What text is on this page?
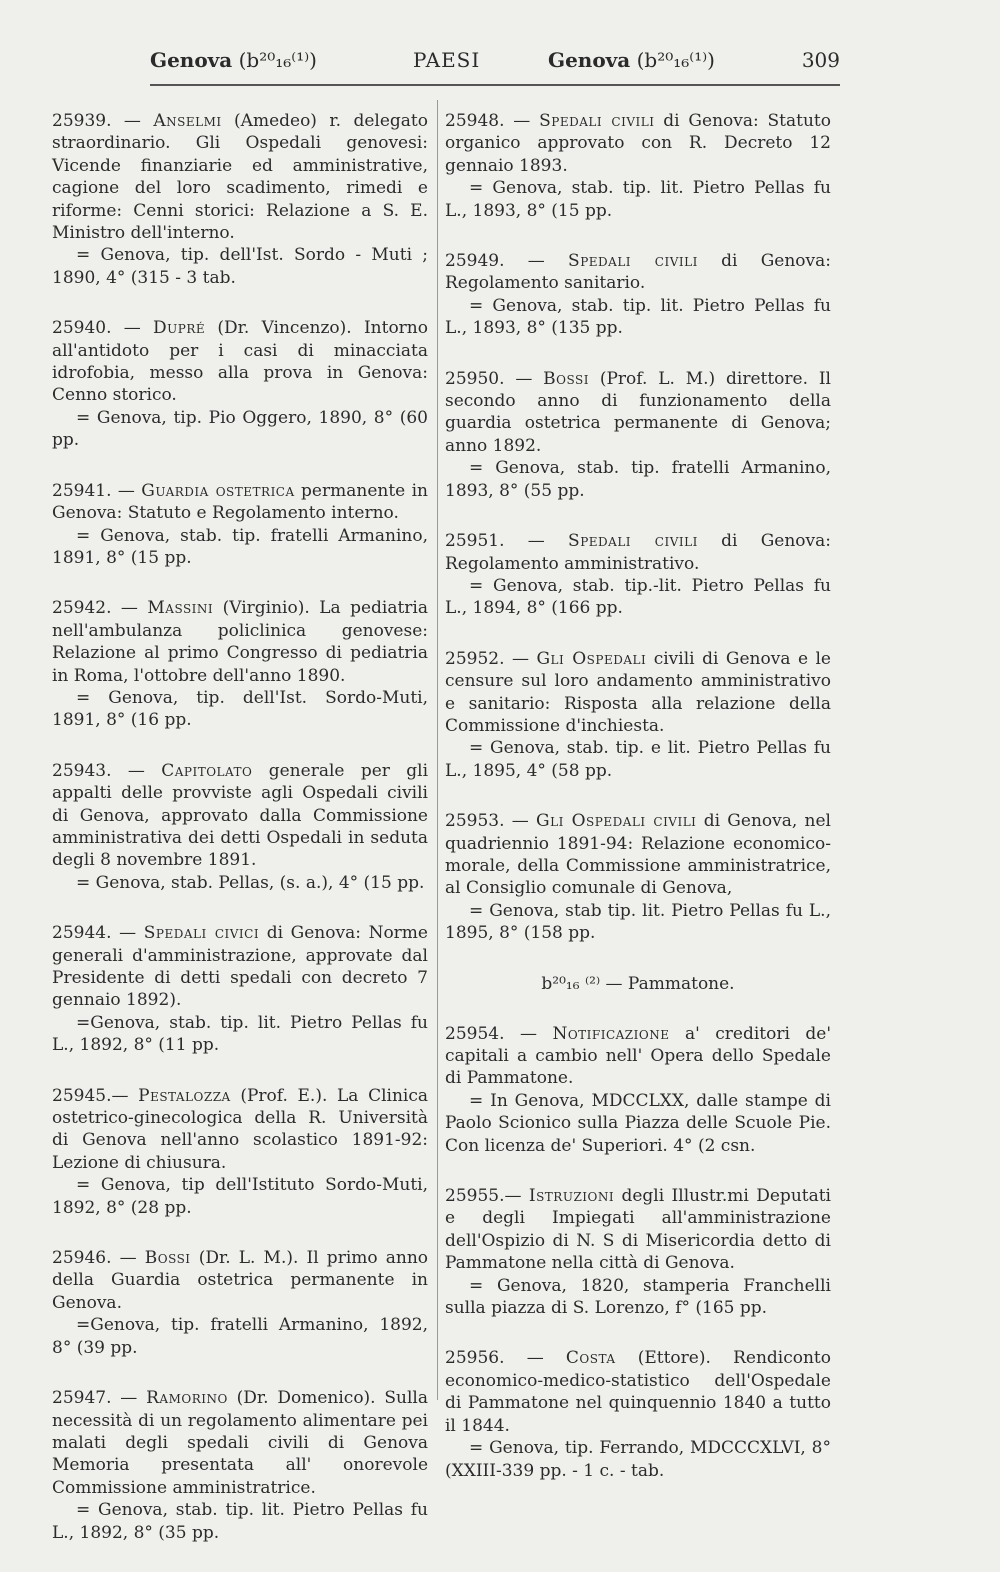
Genova (b²⁰₁₆⁽¹⁾)	PAESI	Genova (b²⁰₁₆⁽¹⁾)	309
25939. — Anselmi (Amedeo) r. delegato straordinario. Gli Ospedali genovesi: Vicende finanziarie ed amministrative, cagione del loro scadimento, rimedi e riforme: Cenni storici: Relazione a S. E. Ministro dell'interno.
= Genova, tip. dell'Ist. Sordo - Muti ; 1890, 4° (315 - 3 tab.
25940. — Dupré (Dr. Vincenzo). Intorno all'antidoto per i casi di minacciata idrofobia, messo alla prova in Genova: Cenno storico.
= Genova, tip. Pio Oggero, 1890, 8° (60 pp.
25941. — Guardia ostetrica permanente in Genova: Statuto e Regolamento interno.
= Genova, stab. tip. fratelli Armanino, 1891, 8° (15 pp.
25942. — Massini (Virginio). La pediatria nell'ambulanza policlinica genovese: Relazione al primo Congresso di pediatria in Roma, l'ottobre dell'anno 1890.
= Genova, tip. dell'Ist. Sordo-Muti, 1891, 8° (16 pp.
25943. — Capitolato generale per gli appalti delle provviste agli Ospedali civili di Genova, approvato dalla Commissione amministrativa dei detti Ospedali in seduta degli 8 novembre 1891.
= Genova, stab. Pellas, (s. a.), 4° (15 pp.
25944. — Spedali civici di Genova: Norme generali d'amministrazione, approvate dal Presidente di detti spedali con decreto 7 gennaio 1892).
=Genova, stab. tip. lit. Pietro Pellas fu L., 1892, 8° (11 pp.
25945.— Pestalozza (Prof. E.). La Clinica ostetrico-ginecologica della R. Università di Genova nell'anno scolastico 1891-92: Lezione di chiusura.
= Genova, tip dell'Istituto Sordo-Muti, 1892, 8° (28 pp.
25946. — Bossi (Dr. L. M.). Il primo anno della Guardia ostetrica permanente in Genova.
=Genova, tip. fratelli Armanino, 1892, 8° (39 pp.
25947. — Ramorino (Dr. Domenico). Sulla necessità di un regolamento alimentare pei malati degli spedali civili di Genova Memoria presentata all' onorevole Commissione amministratrice.
= Genova, stab. tip. lit. Pietro Pellas fu L., 1892, 8° (35 pp.
25948. — Spedali civili di Genova: Statuto organico approvato con R. Decreto 12 gennaio 1893.
= Genova, stab. tip. lit. Pietro Pellas fu L., 1893, 8° (15 pp.
25949. — Spedali civili di Genova: Regolamento sanitario.
= Genova, stab. tip. lit. Pietro Pellas fu L., 1893, 8° (135 pp.
25950. — Bossi (Prof. L. M.) direttore. Il secondo anno di funzionamento della guardia ostetrica permanente di Genova; anno 1892.
= Genova, stab. tip. fratelli Armanino, 1893, 8° (55 pp.
25951. — Spedali civili di Genova: Regolamento amministrativo.
= Genova, stab. tip.-lit. Pietro Pellas fu L., 1894, 8° (166 pp.
25952. — Gli Ospedali civili di Genova e le censure sul loro andamento amministrativo e sanitario: Risposta alla relazione della Commissione d'inchiesta.
= Genova, stab. tip. e lit. Pietro Pellas fu L., 1895, 4° (58 pp.
25953. — Gli Ospedali civili di Genova, nel quadriennio 1891-94: Relazione economico-morale, della Commissione amministratrice, al Consiglio comunale di Genova,
= Genova, stab tip. lit. Pietro Pellas fu L., 1895, 8° (158 pp.
b²⁰₁₆ ⁽²⁾ — Pammatone.
25954. — Notificazione a' creditori de' capitali a cambio nell' Opera dello Spedale di Pammatone.
= In Genova, MDCCLXX, dalle stampe di Paolo Scionico sulla Piazza delle Scuole Pie. Con licenza de' Superiori. 4° (2 csn.
25955.— Istruzioni degli Illustr.mi Deputati e degli Impiegati all'amministrazione dell'Ospizio di N. S di Misericordia detto di Pammatone nella città di Genova.
= Genova, 1820, stamperia Franchelli sulla piazza di S. Lorenzo, f° (165 pp.
25956. — Costa (Ettore). Rendiconto economico-medico-statistico dell'Ospedale di Pammatone nel quinquennio 1840 a tutto il 1844.
= Genova, tip. Ferrando, MDCCCXLVI, 8° (XXIII-339 pp. - 1 c. - tab.
